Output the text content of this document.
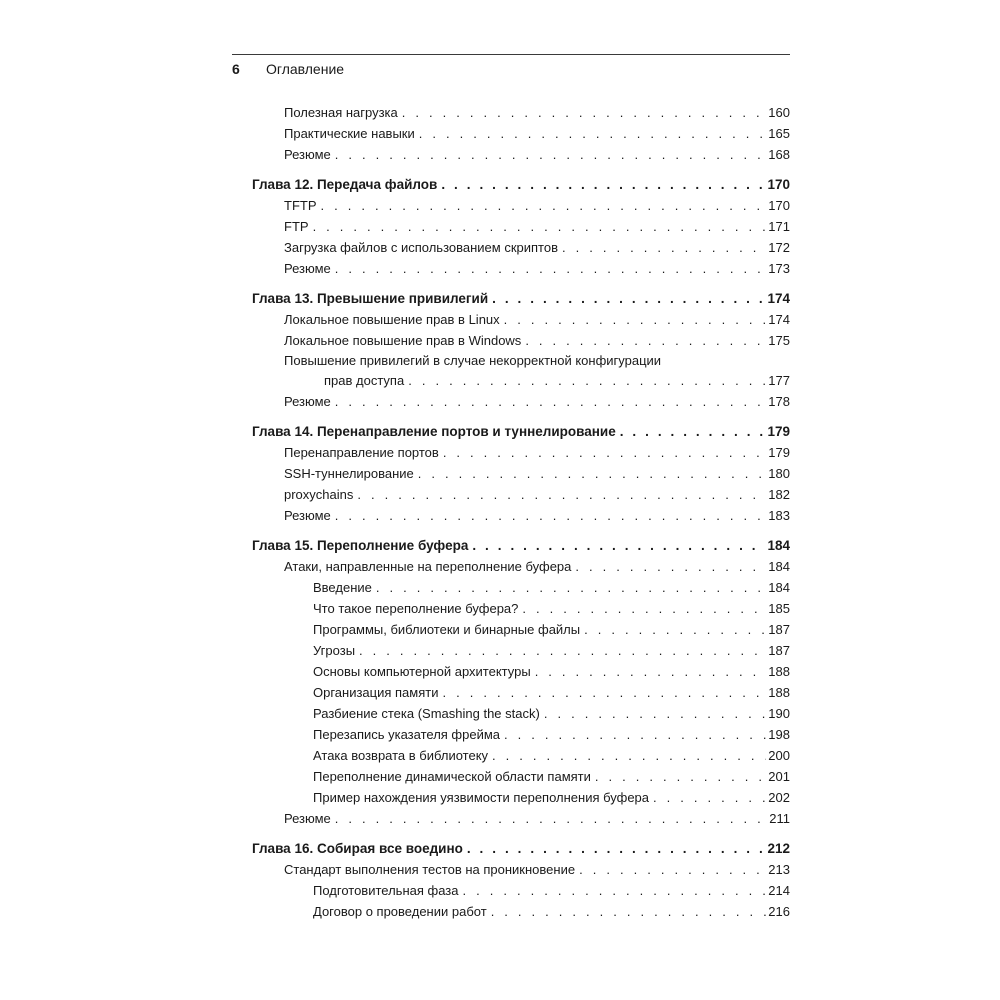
6 Оглавление
Полезная нагрузка . . .	160
Практические навыки . . .	165
Резюме . . .	168
Глава 12. Передача файлов . . .	170
TFTP . . .	170
FTP . . .	171
Загрузка файлов с использованием скриптов . . .	172
Резюме . . .	173
Глава 13. Превышение привилегий . . .	174
Локальное повышение прав в Linux . . .	174
Локальное повышение прав в Windows . . .	175
Повышение привилегий в случае некорректной конфигурации
прав доступа . . .	177
Резюме . . .	178
Глава 14. Перенаправление портов и туннелирование . . .	179
Перенаправление портов . . .	179
SSH-туннелирование . . .	180
proxychains . . .	182
Резюме . . .	183
Глава 15. Переполнение буфера . . .	184
Атаки, направленные на переполнение буфера . . .	184
Введение . . .	184
Что такое переполнение буфера? . . .	185
Программы, библиотеки и бинарные файлы . . .	187
Угрозы . . .	187
Основы компьютерной архитектуры . . .	188
Организация памяти . . .	188
Разбиение стека (Smashing the stack) . . .	190
Перезапись указателя фрейма . . .	198
Атака возврата в библиотеку . . .	200
Переполнение динамической области памяти . . .	201
Пример нахождения уязвимости переполнения буфера . . .	202
Резюме . . .	211
Глава 16. Собирая все воедино . . .	212
Стандарт выполнения тестов на проникновение . . .	213
Подготовительная фаза . . .	214
Договор о проведении работ . . .	216
